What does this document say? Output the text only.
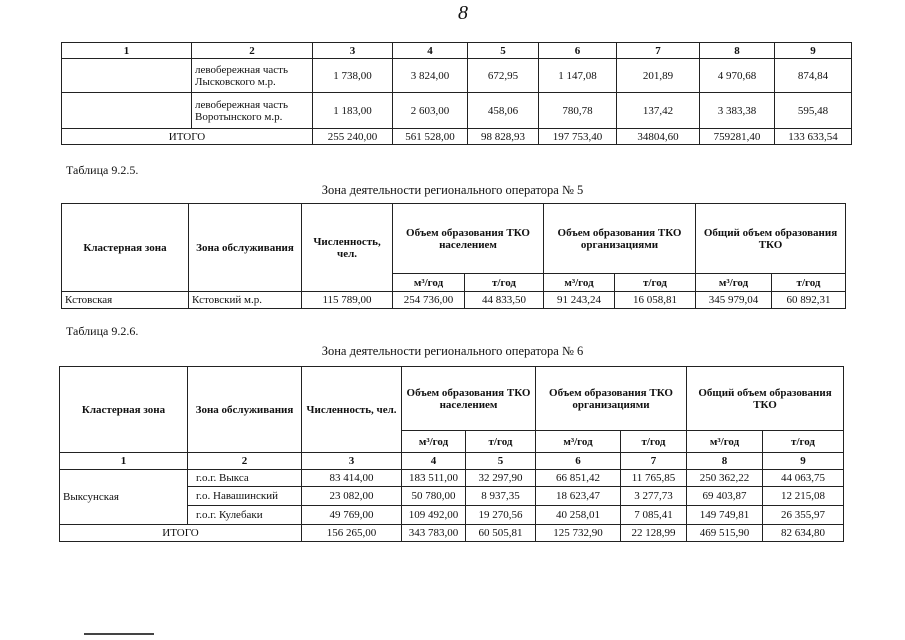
8
1	2	3	4	5	6	7	8	9
	левобережная часть Лысковского м.р.	1 738,00	3 824,00	672,95	1 147,08	201,89	4 970,68	874,84
	левобережная часть Воротынского м.р.	1 183,00	2 603,00	458,06	780,78	137,42	3 383,38	595,48
ИТОГО		255 240,00	561 528,00	98 828,93	197 753,40	34804,60	759281,40	133 633,54
Таблица 9.2.5.
Зона деятельности регионального оператора № 5
Кластерная зона	Зона обслуживания	Численность, чел.	Объем образования ТКО населением		Объем образования ТКО организациями		Общий объем образования ТКО	
			м³/год	т/год	м³/год	т/год	м³/год	т/год
Кстовская	Кстовский м.р.	115 789,00	254 736,00	44 833,50	91 243,24	16 058,81	345 979,04	60 892,31
Таблица 9.2.6.
Зона деятельности регионального оператора № 6
Кластерная зона	Зона обслуживания	Численность, чел.	Объем образования ТКО населением		Объем образования ТКО организациями		Общий объем образования ТКО	
			м³/год	т/год	м³/год	т/год	м³/год	т/год
1	2	3	4	5	6	7	8	9
Выксунская	г.о.г. Выкса	83 414,00	183 511,00	32 297,90	66 851,42	11 765,85	250 362,22	44 063,75
	г.о. Навашинский	23 082,00	50 780,00	8 937,35	18 623,47	3 277,73	69 403,87	12 215,08
	г.о.г. Кулебаки	49 769,00	109 492,00	19 270,56	40 258,01	7 085,41	149 749,81	26 355,97
ИТОГО		156 265,00	343 783,00	60 505,81	125 732,90	22 128,99	469 515,90	82 634,80
